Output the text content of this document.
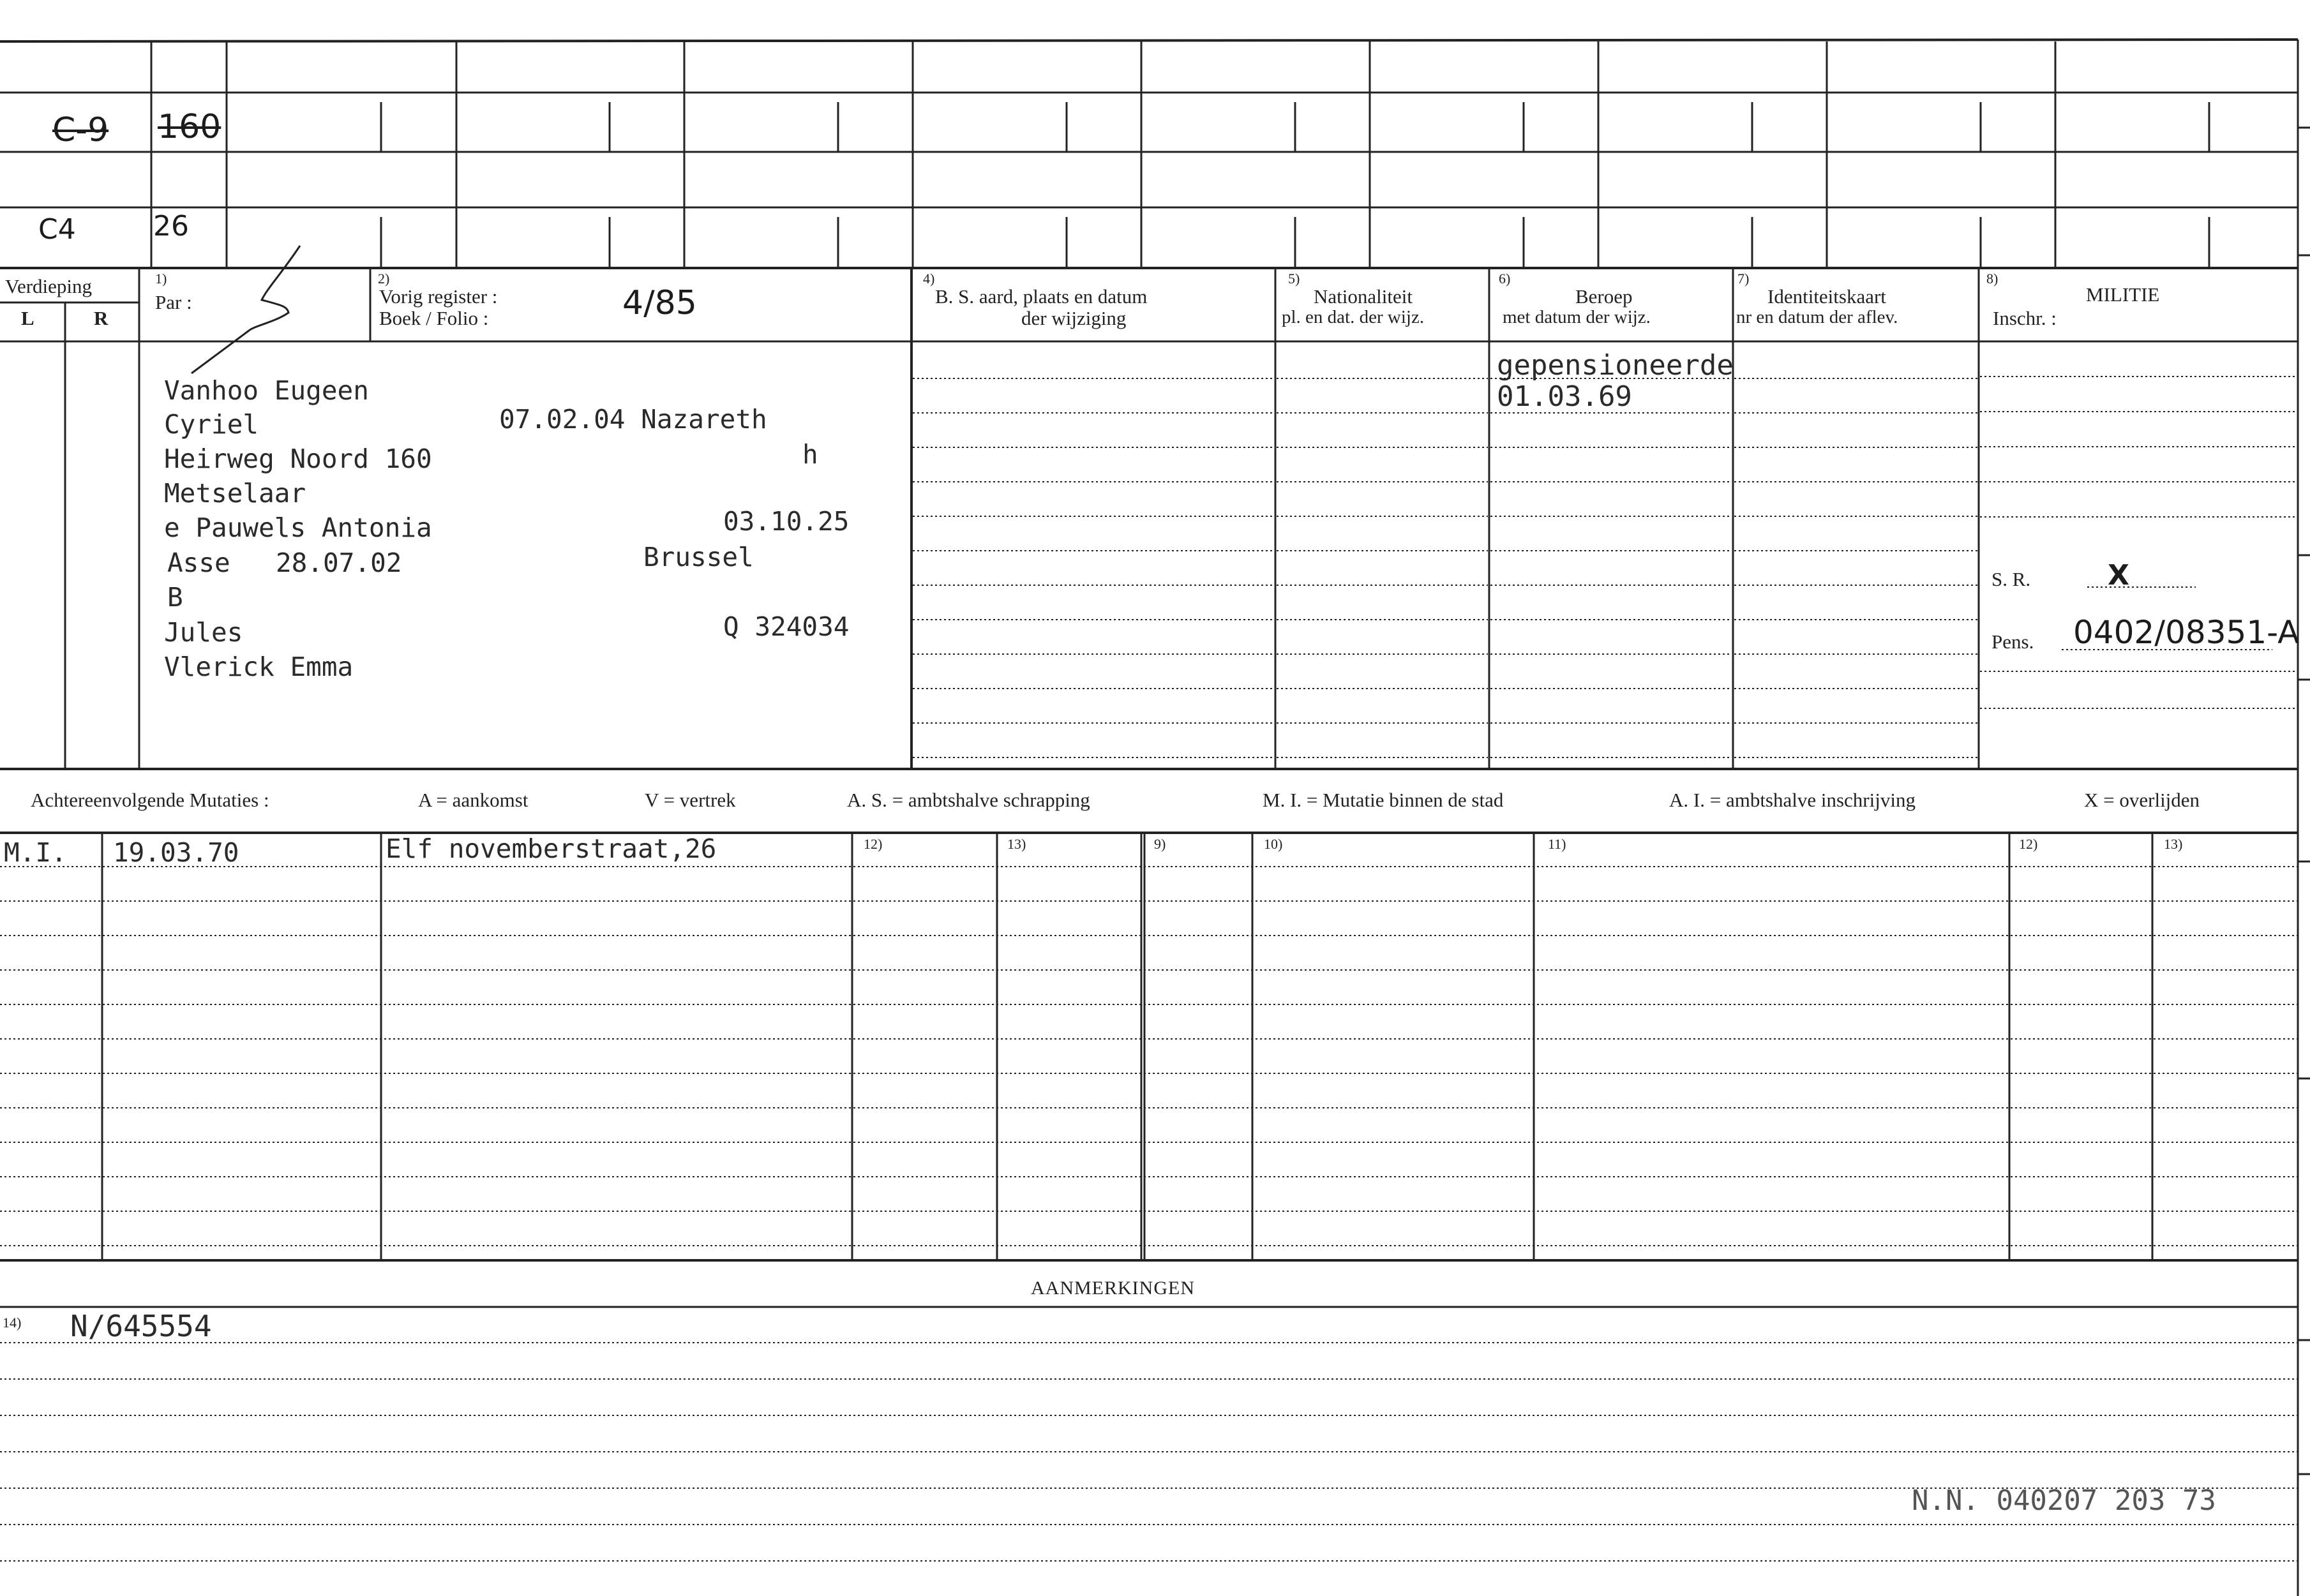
C-9 160
C4	26
Verdieping
L	R
1)
Par :
2)
Vorig register :
Boek / Folio :	4/85
4)
B. S. aard, plaats en datum
der wijziging
5)
Nationaliteit
pl. en dat. der wijz.
6)
Beroep
met datum der wijz.
7)
Identiteitskaart
nr en datum der aflev.
8)
MILITIE
Inschr. :
Vanhoo Eugeen
Cyriel	07.02.04 Nazareth
Heirweg Noord 160	h
Metselaar
e Pauwels Antonia	03.10.25
Asse 28.07.02	Brussel
B
Jules	Q 324034
Vlerick Emma
gepensioneerde
01.03.69
S. R.	X
Pens. 0402/08351-A
Achtereenvolgende Mutaties :	A = aankomst	V = vertrek	A. S. = ambtshalve schrapping	M. I. = Mutatie binnen de stad	A. I. = ambtshalve inschrijving	X = overlijden
12)	13)	9)	10)	11)	12)	13)
M.I. 19.03.70	Elf novemberstraat,26
AANMERKINGEN
14) N/645554
N.N. 040207 203 73
